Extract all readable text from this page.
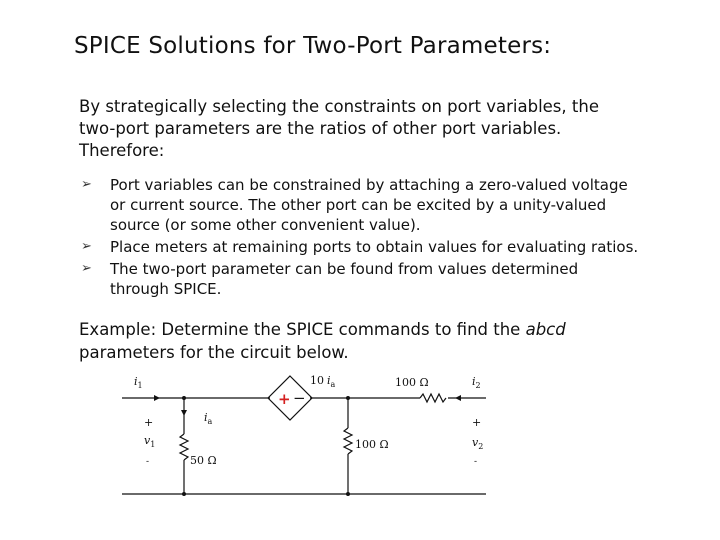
SPICE Solutions for Two-Port Parameters:
By strategically selecting the constraints on port variables, the
two-port parameters are the ratios of other port variables.
Therefore:
➢ Port variables can be constrained by attaching a zero-valued voltage
or current source. The other port can be excited by a unity-valued
source (or some other convenient value).
➢ Place meters at remaining ports to obtain values for evaluating ratios.
➢ The two-port parameter can be found from values determined
through SPICE.
Example: Determine the SPICE commands to find the abcd
parameters for the circuit below.
+ −
$i_1$	10 $i_a$	100 Ω	$i_2$
$i_a$
50 Ω
100 Ω
+
$v_1$
-
+
$v_2$
-
